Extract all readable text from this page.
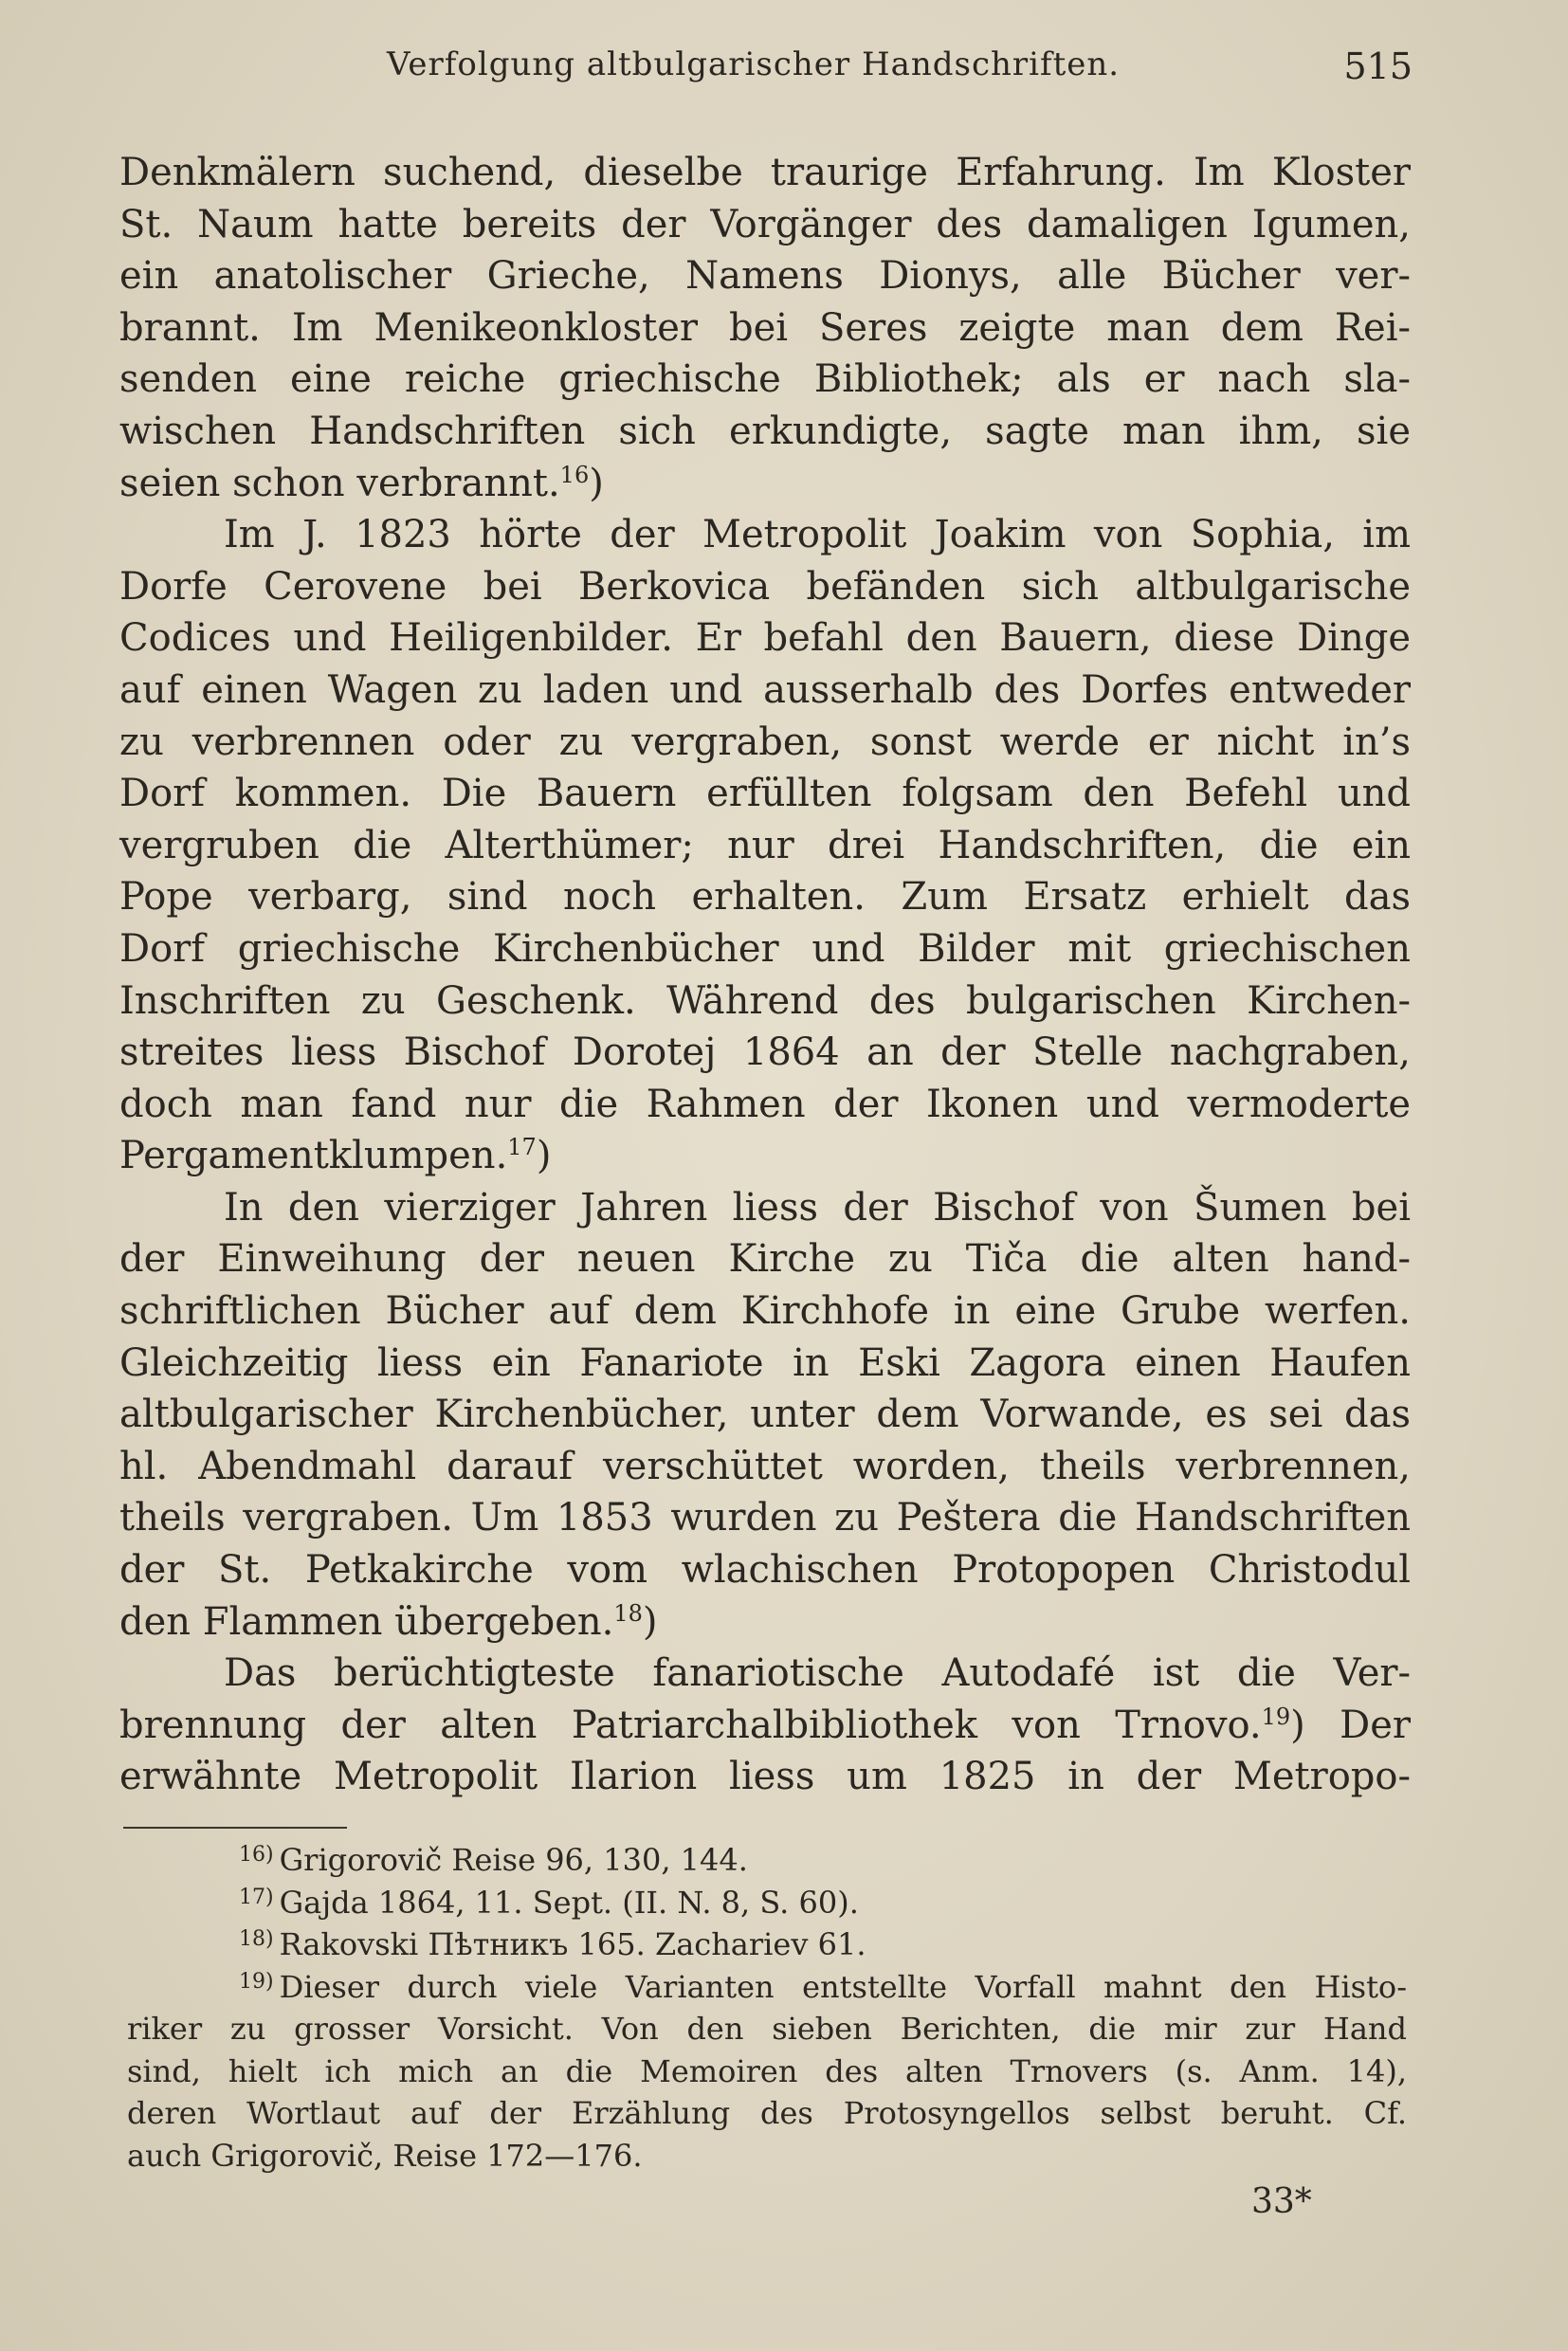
Verfolgung altbulgarischer Handschriften.	515
Denkmälern suchend, dieselbe traurige Erfahrung. Im Kloster
St. Naum hatte bereits der Vorgänger des damaligen Igumen,
ein anatolischer Grieche, Namens Dionys, alle Bücher ver-
brannt. Im Menikeonkloster bei Seres zeigte man dem Rei-
senden eine reiche griechische Bibliothek; als er nach sla-
wischen Handschriften sich erkundigte, sagte man ihm, sie
seien schon verbrannt.$^{16}$)
Im J. 1823 hörte der Metropolit Joakim von Sophia, im
Dorfe Cerovene bei Berkovica befänden sich altbulgarische
Codices und Heiligenbilder. Er befahl den Bauern, diese Dinge
auf einen Wagen zu laden und ausserhalb des Dorfes entweder
zu verbrennen oder zu vergraben, sonst werde er nicht in’s
Dorf kommen. Die Bauern erfüllten folgsam den Befehl und
vergruben die Alterthümer; nur drei Handschriften, die ein
Pope verbarg, sind noch erhalten. Zum Ersatz erhielt das
Dorf griechische Kirchenbücher und Bilder mit griechischen
Inschriften zu Geschenk. Während des bulgarischen Kirchen-
streites liess Bischof Dorotej 1864 an der Stelle nachgraben,
doch man fand nur die Rahmen der Ikonen und vermoderte
Pergamentklumpen.$^{17}$)
In den vierziger Jahren liess der Bischof von Šumen bei
der Einweihung der neuen Kirche zu Tiča die alten hand-
schriftlichen Bücher auf dem Kirchhofe in eine Grube werfen.
Gleichzeitig liess ein Fanariote in Eski Zagora einen Haufen
altbulgarischer Kirchenbücher, unter dem Vorwande, es sei das
hl. Abendmahl darauf verschüttet worden, theils verbrennen,
theils vergraben. Um 1853 wurden zu Peštera die Handschriften
der St. Petkakirche vom wlachischen Protopopen Christodul
den Flammen übergeben.$^{18}$)
Das berüchtigteste fanariotische Autodafé ist die Ver-
brennung der alten Patriarchalbibliothek von Trnovo.$^{19}$) Der
erwähnte Metropolit Ilarion liess um 1825 in der Metropo-
$^{16)}$ Grigorovič Reise 96, 130, 144.
$^{17)}$ Gajda 1864, 11. Sept. (II. N. 8, S. 60).
$^{18)}$ Rakovski Пѣтникъ 165. Zachariev 61.
$^{19)}$ Dieser durch viele Varianten entstellte Vorfall mahnt den Histo-
riker zu grosser Vorsicht. Von den sieben Berichten, die mir zur Hand
sind, hielt ich mich an die Memoiren des alten Trnovers (s. Anm. 14),
deren Wortlaut auf der Erzählung des Protosyngellos selbst beruht. Cf.
auch Grigorovič, Reise 172—176.
33*
